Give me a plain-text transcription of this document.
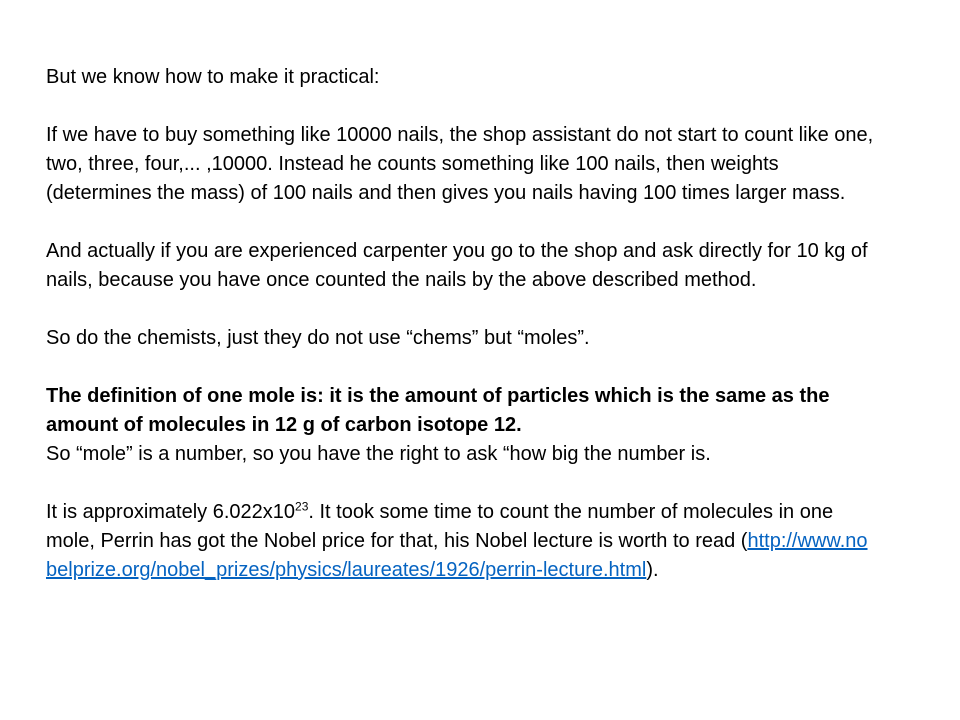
But we know how to make it practical:

If we have to buy something like 10000 nails, the shop assistant do not start to count like one, two, three, four,... ,10000. Instead he counts something like 100 nails, then weights (determines the mass) of 100 nails and then gives you nails having 100 times larger mass.

And actually if you are experienced carpenter you go to the shop and ask directly for 10 kg of nails, because you have once counted the nails by the above described method.

So do the chemists, just they do not use “chems” but “moles”.

The definition of one mole is: it is the amount of particles which is the same as the amount of molecules in 12 g of carbon isotope 12.

So “mole” is a number, so you have the right to ask “how big the number is.

It is approximately $6.022x10^{23}$. It took some time to count the number of molecules in one mole, Perrin has got the Nobel price for that, his Nobel lecture is worth to read (http://www.nobelprize.org/nobel_prizes/physics/laureates/1926/perrin-lecture.html).
